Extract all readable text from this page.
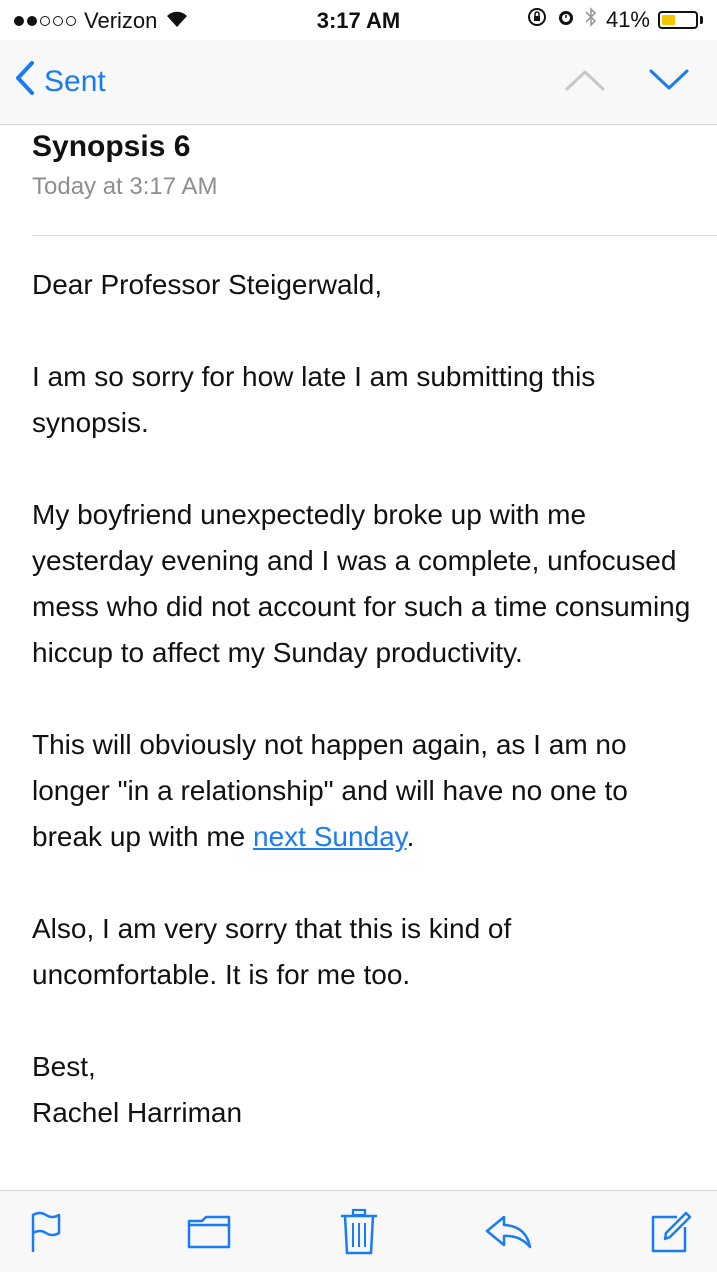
Verizon	3:17 AM	41%
Sent
Synopsis 6
Today at 3:17 AM

Dear Professor Steigerwald,

I am so sorry for how late I am submitting this synopsis.

My boyfriend unexpectedly broke up with me yesterday evening and I was a complete, unfocused mess who did not account for such a time consuming hiccup to affect my Sunday productivity.

This will obviously not happen again, as I am no longer "in a relationship" and will have no one to break up with me next Sunday.

Also, I am very sorry that this is kind of uncomfortable. It is for me too.

Best,

Rachel Harriman
